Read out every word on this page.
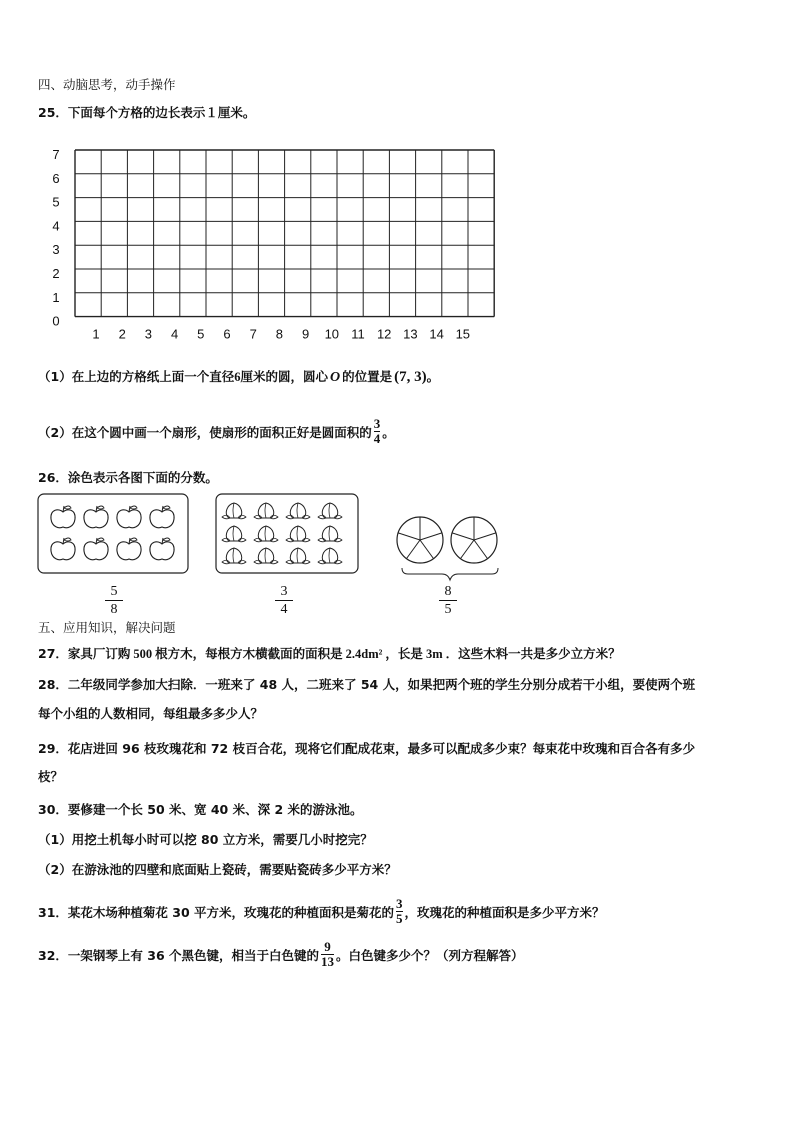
四、动脑思考，动手操作
25．下面每个方格的边长表示１厘米。
0
1
2
3
4
5
6
7
1 2 3 4 5 6 7 8 9 10 11 12 13 14 15
（1）在上边的方格纸上面一个直径6厘米的圆，圆心 O 的位置是 (7, 3)。
（2）在这个圆中画一个扇形，使扇形的面积正好是圆面积的 $\frac{3}{4}$ 。
26．涂色表示各图下面的分数。
5
8
3
4
8
5
五、应用知识，解决问题
27．家具厂订购 500 根方木，每根方木横截面的面积是 2.4dm² ，长是 3m ．这些木料一共是多少立方米？
28．二年级同学参加大扫除．一班来了 48 人，二班来了 54 人，如果把两个班的学生分别分成若干小组，要使两个班
每个小组的人数相同，每组最多多少人？
29．花店进回 96 枝玫瑰花和 72 枝百合花，现将它们配成花束，最多可以配成多少束？每束花中玫瑰和百合各有多少
枝？
30．要修建一个长 50 米、宽 40 米、深 2 米的游泳池。
（1）用挖土机每小时可以挖 80 立方米，需要几小时挖完？
（2）在游泳池的四壁和底面贴上瓷砖，需要贴瓷砖多少平方米？
31．某花木场种植菊花 30 平方米，玫瑰花的种植面积是菊花的 $\frac{3}{5}$ ，玫瑰花的种植面积是多少平方米？
32．一架钢琴上有 36 个黑色键，相当于白色键的 $\frac{9}{13}$ 。白色键多少个？（列方程解答）
